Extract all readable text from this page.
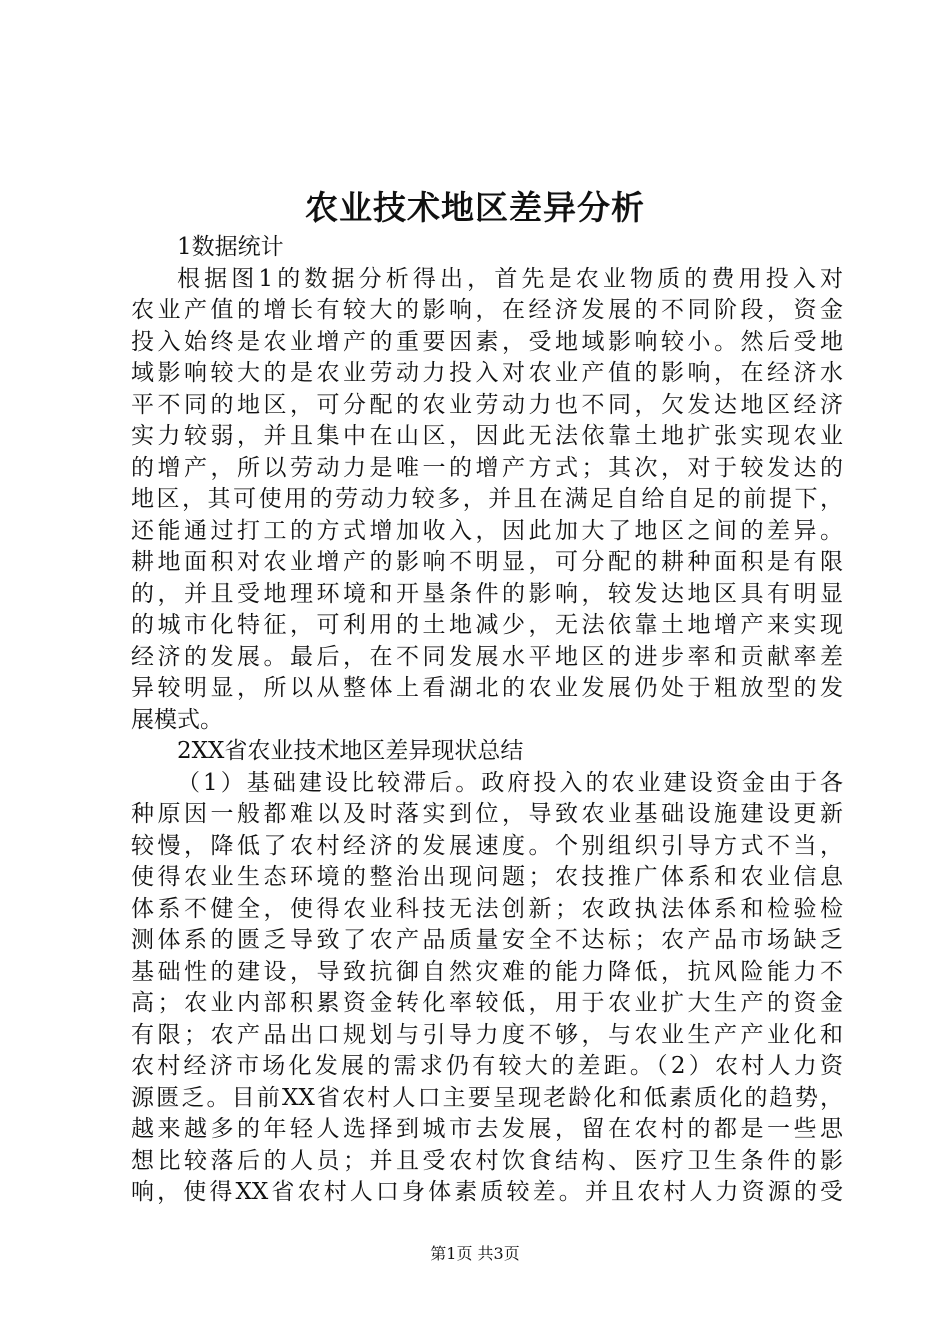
农业技术地区差异分析
1数据统计
根据图1的数据分析得出，首先是农业物质的费用投入对
农业产值的增长有较大的影响，在经济发展的不同阶段，资金
投入始终是农业增产的重要因素，受地域影响较小。然后受地
域影响较大的是农业劳动力投入对农业产值的影响，在经济水
平不同的地区，可分配的农业劳动力也不同，欠发达地区经济
实力较弱，并且集中在山区，因此无法依靠土地扩张实现农业
的增产，所以劳动力是唯一的增产方式；其次，对于较发达的
地区，其可使用的劳动力较多，并且在满足自给自足的前提下，
还能通过打工的方式增加收入，因此加大了地区之间的差异。
耕地面积对农业增产的影响不明显，可分配的耕种面积是有限
的，并且受地理环境和开垦条件的影响，较发达地区具有明显
的城市化特征，可利用的土地减少，无法依靠土地增产来实现
经济的发展。最后，在不同发展水平地区的进步率和贡献率差
异较明显，所以从整体上看湖北的农业发展仍处于粗放型的发
展模式。
2XX省农业技术地区差异现状总结
（1）基础建设比较滞后。政府投入的农业建设资金由于各
种原因一般都难以及时落实到位，导致农业基础设施建设更新
较慢，降低了农村经济的发展速度。个别组织引导方式不当，
使得农业生态环境的整治出现问题；农技推广体系和农业信息
体系不健全，使得农业科技无法创新；农政执法体系和检验检
测体系的匮乏导致了农产品质量安全不达标；农产品市场缺乏
基础性的建设，导致抗御自然灾难的能力降低，抗风险能力不
高；农业内部积累资金转化率较低，用于农业扩大生产的资金
有限；农产品出口规划与引导力度不够，与农业生产产业化和
农村经济市场化发展的需求仍有较大的差距。（2）农村人力资
源匮乏。目前XX省农村人口主要呈现老龄化和低素质化的趋势，
越来越多的年轻人选择到城市去发展，留在农村的都是一些思
想比较落后的人员；并且受农村饮食结构、医疗卫生条件的影
响，使得XX省农村人口身体素质较差。并且农村人力资源的受
第1页 共3页
